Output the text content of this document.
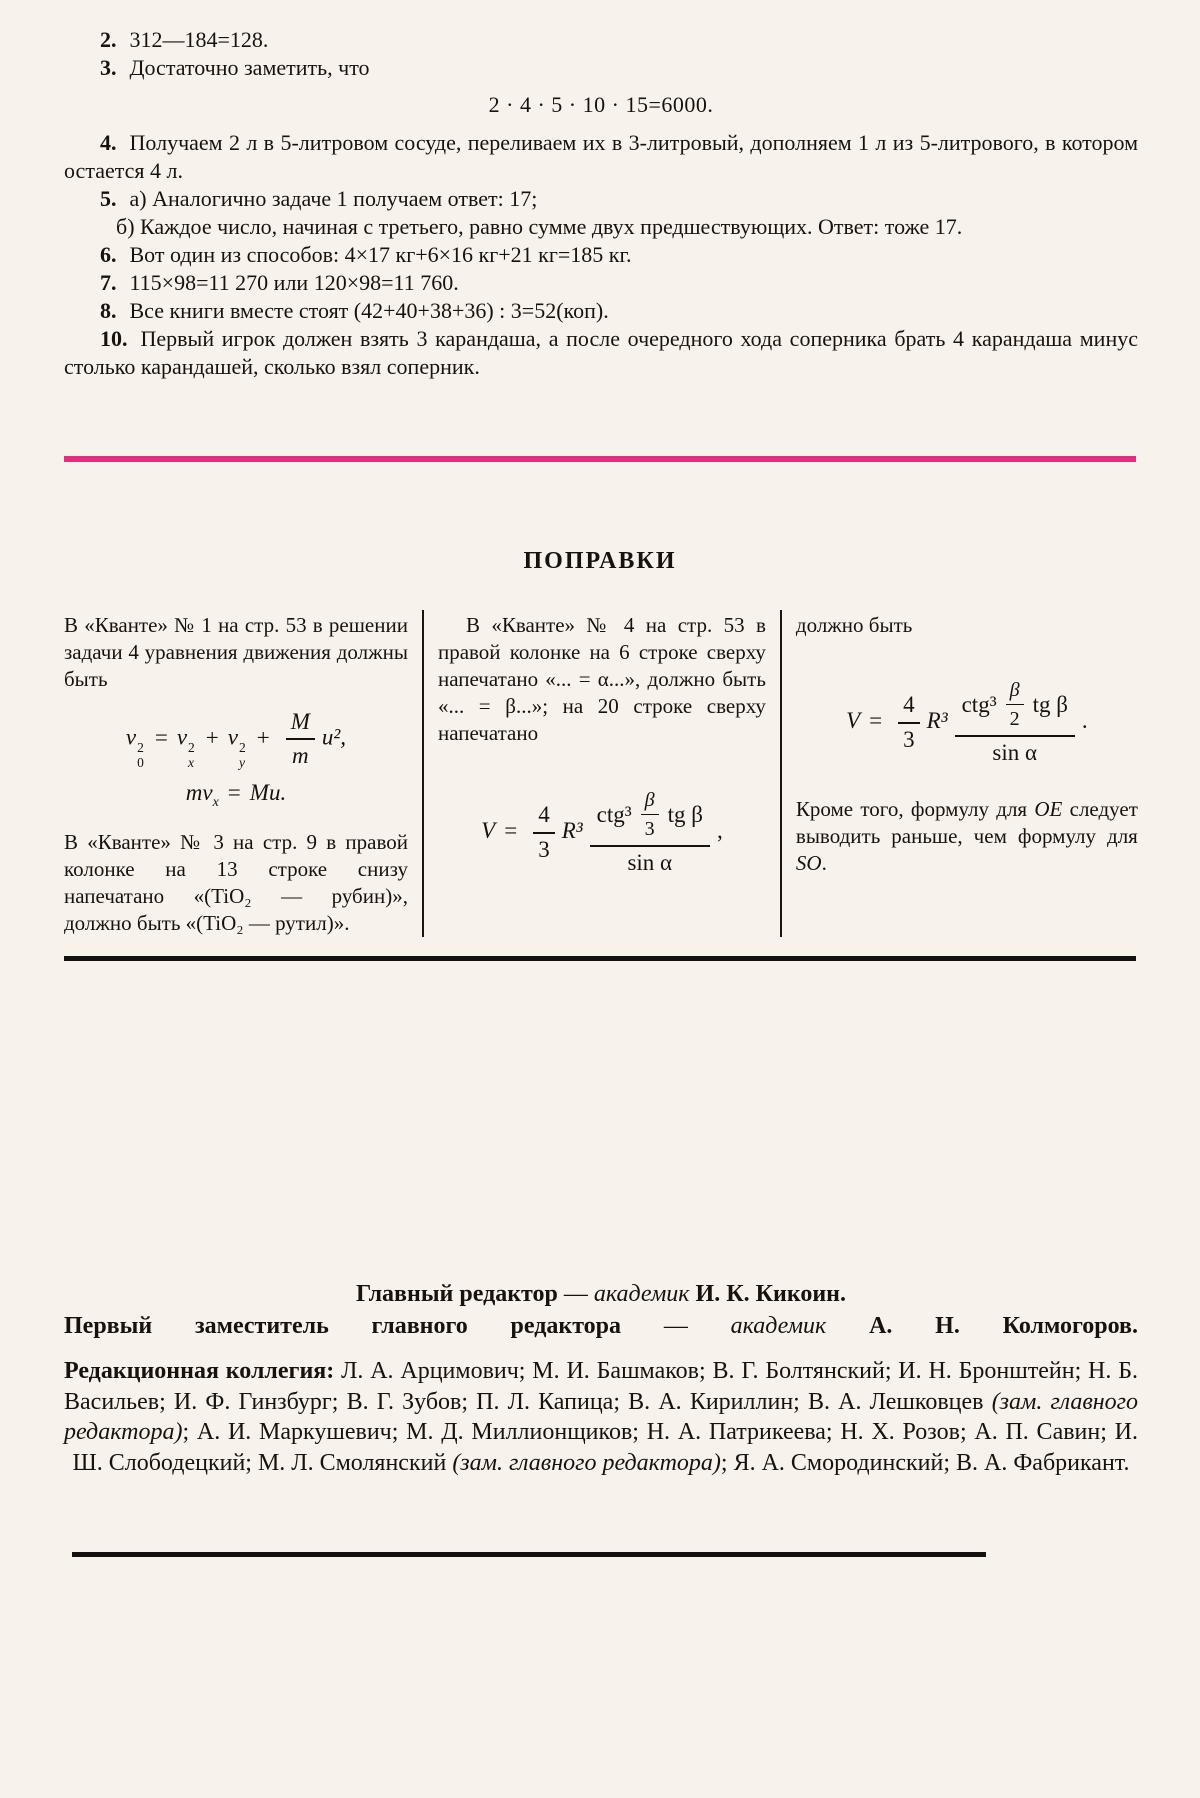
2. 312—184=128.

3. Достаточно заметить, что

2 · 4 · 5 · 10 · 15=6000.

4. Получаем 2 л в 5-литровом сосуде, переливаем их в 3-литровый, дополняем 1 л из 5-литрового, в котором остается 4 л.

5. а) Аналогично задаче 1 получаем ответ: 17;

б) Каждое число, начиная с третьего, равно сумме двух предшествующих. Ответ: тоже 17.

6. Вот один из способов: 4×17 кг+6×16 кг+21 кг=185 кг.

7. 115×98=11 270 или 120×98=11 760.

8. Все книги вместе стоят (42+40+38+36) : 3=52(коп).

10. Первый игрок должен взять 3 карандаша, а после очередного хода соперника брать 4 карандаша минус столько карандашей, сколько взял соперник.

ПОПРАВКИ

В «Кванте» № 1 на стр. 53 в решении задачи 4 уравнения движения должны быть

v 2
0
= v 2
x
+ v 2
y
+ $\frac{M}{m} u^2$,
$mv_x = Mu$.

В «Кванте» № 3 на стр. 9 в правой колонке на 13 строке снизу напечатано «(TiO₂ — рубин)», должно быть «(TiO₂ — рутил)».

В «Кванте» № 4 на стр. 53 в правой колонке на 6 строке сверху напечатано «... = α...», должно быть «... = β...»; на 20 строке сверху напечатано

$V = \frac{4}{3} R^3 \frac{ctg^3 \frac{\beta}{3} tg \beta}{\text{sin α}}$ ,

должно быть

$V = \frac{4}{3} R^3 \frac{ctg^3 \frac{\beta}{2} tg \beta}{\text{sin α}}$ .

Кроме того, формулу для ОЕ следует выводить раньше, чем формулу для SO.

Главный редактор — академик И. К. Кикоин.

Первый заместитель главного редактора — академик А. Н. Колмогоров.

Редакционная коллегия: Л. А. Арцимович; М. И. Башмаков; В. Г. Болтянский; И. Н. Бронштейн; Н. Б. Васильев; И. Ф. Гинзбург; В. Г. Зубов; П. Л. Капица; В. А. Кириллин; В. А. Лешковцев (зам. главного редактора); А. И. Маркушевич; М. Д. Миллионщиков; Н. А. Патрикеева; Н. Х. Розов; А. П. Савин; И. Ш. Слободецкий; М. Л. Смолянский (зам. главного редактора); Я. А. Смородинский; В. А. Фабрикант.
